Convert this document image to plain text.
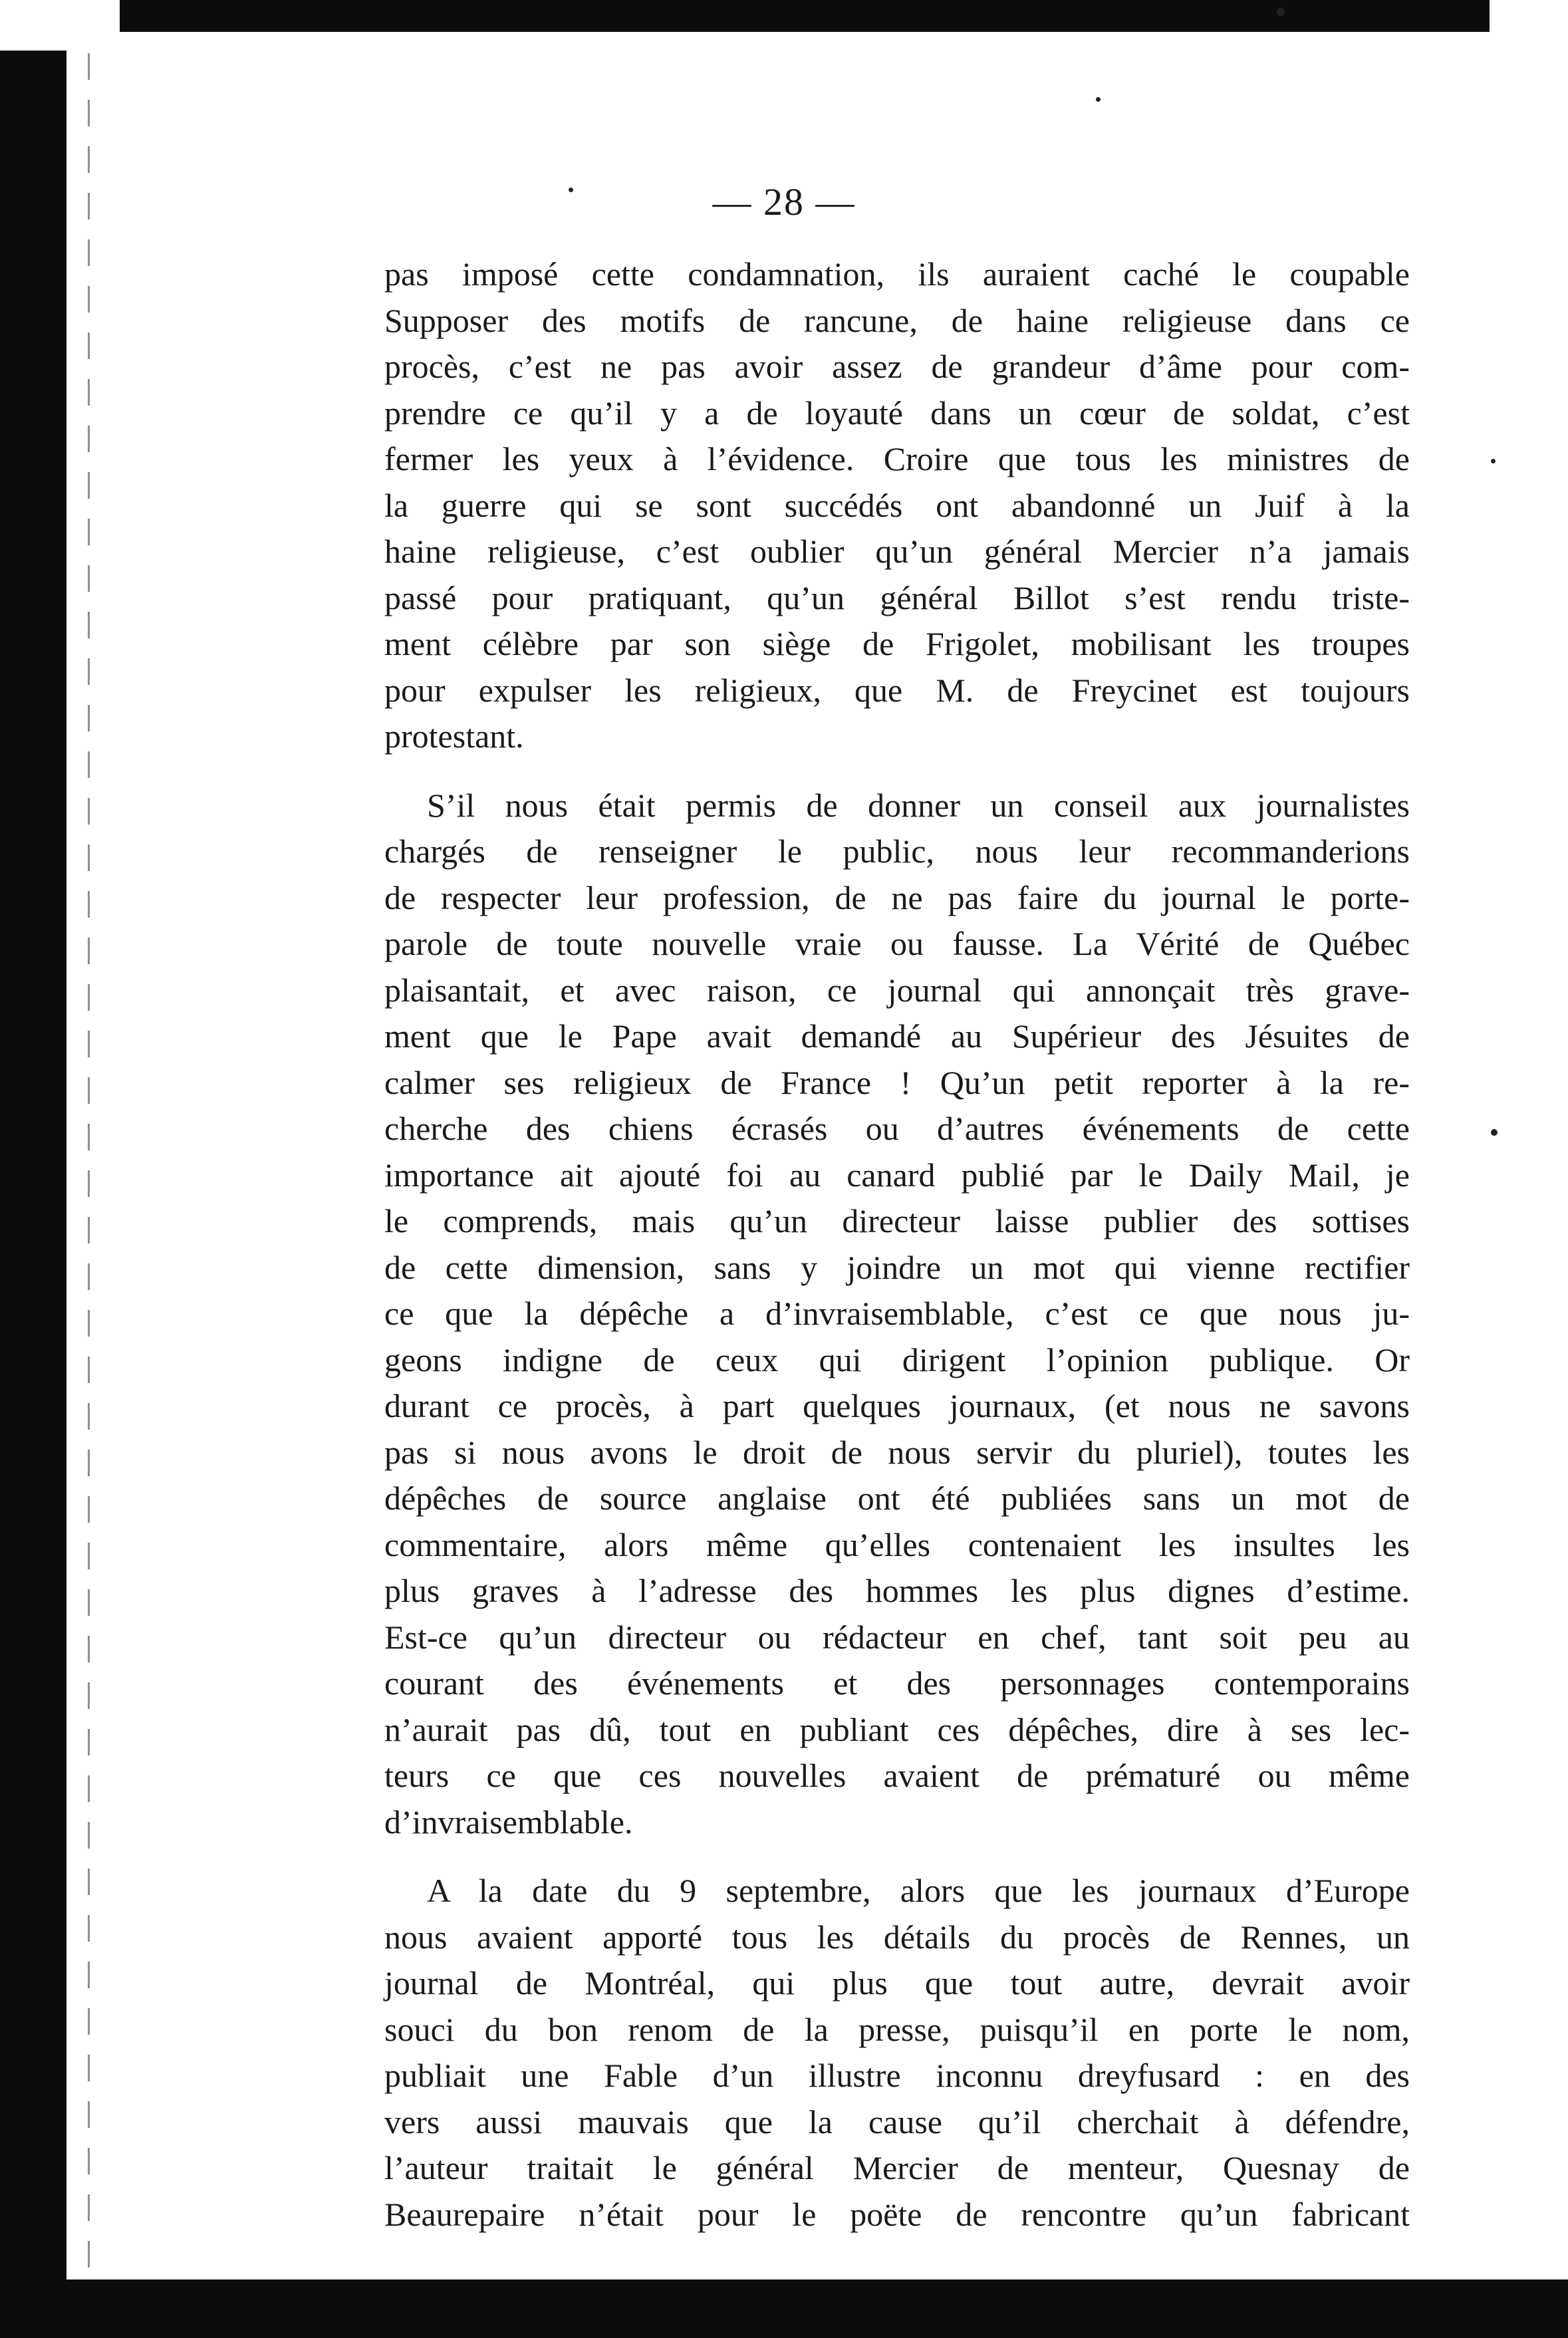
— 28 —
pas imposé cette condamnation, ils auraient caché le coupable
Supposer des motifs de rancune, de haine religieuse dans ce
procès, c’est ne pas avoir assez de grandeur d’âme pour com-
prendre ce qu’il y a de loyauté dans un cœur de soldat, c’est
fermer les yeux à l’évidence. Croire que tous les ministres de
la guerre qui se sont succédés ont abandonné un Juif à la
haine religieuse, c’est oublier qu’un général Mercier n’a jamais
passé pour pratiquant, qu’un général Billot s’est rendu triste-
ment célèbre par son siège de Frigolet, mobilisant les troupes
pour expulser les religieux, que M. de Freycinet est toujours
protestant.
S’il nous était permis de donner un conseil aux journalistes
chargés de renseigner le public, nous leur recommanderions
de respecter leur profession, de ne pas faire du journal le porte-
parole de toute nouvelle vraie ou fausse. La Vérité de Québec
plaisantait, et avec raison, ce journal qui annonçait très grave-
ment que le Pape avait demandé au Supérieur des Jésuites de
calmer ses religieux de France ! Qu’un petit reporter à la re-
cherche des chiens écrasés ou d’autres événements de cette
importance ait ajouté foi au canard publié par le Daily Mail, je
le comprends, mais qu’un directeur laisse publier des sottises
de cette dimension, sans y joindre un mot qui vienne rectifier
ce que la dépêche a d’invraisemblable, c’est ce que nous ju-
geons indigne de ceux qui dirigent l’opinion publique. Or
durant ce procès, à part quelques journaux, (et nous ne savons
pas si nous avons le droit de nous servir du pluriel), toutes les
dépêches de source anglaise ont été publiées sans un mot de
commentaire, alors même qu’elles contenaient les insultes les
plus graves à l’adresse des hommes les plus dignes d’estime.
Est-ce qu’un directeur ou rédacteur en chef, tant soit peu au
courant des événements et des personnages contemporains
n’aurait pas dû, tout en publiant ces dépêches, dire à ses lec-
teurs ce que ces nouvelles avaient de prématuré ou même
d’invraisemblable.
A la date du 9 septembre, alors que les journaux d’Europe
nous avaient apporté tous les détails du procès de Rennes, un
journal de Montréal, qui plus que tout autre, devrait avoir
souci du bon renom de la presse, puisqu’il en porte le nom,
publiait une Fable d’un illustre inconnu dreyfusard : en des
vers aussi mauvais que la cause qu’il cherchait à défendre,
l’auteur traitait le général Mercier de menteur, Quesnay de
Beaurepaire n’était pour le poëte de rencontre qu’un fabricant
